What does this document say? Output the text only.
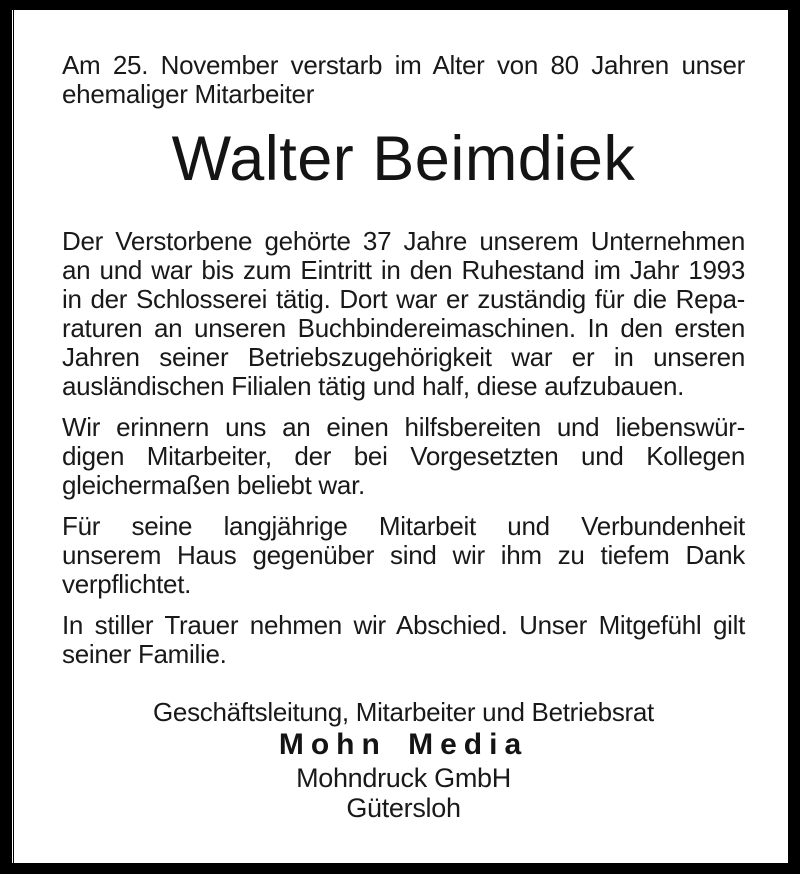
Am 25. November verstarb im Alter von 80 Jahren unser
ehemaliger Mitarbeiter
Walter Beimdiek
Der Verstorbene gehörte 37 Jahre unserem Unternehmen
an und war bis zum Eintritt in den Ruhestand im Jahr 1993
in der Schlosserei tätig. Dort war er zuständig für die Repa-
raturen an unseren Buchbindereimaschinen. In den ersten
Jahren seiner Betriebszugehörigkeit war er in unseren
ausländischen Filialen tätig und half, diese aufzubauen.
Wir erinnern uns an einen hilfsbereiten und liebenswür-
digen Mitarbeiter, der bei Vorgesetzten und Kollegen
gleichermaßen beliebt war.
Für seine langjährige Mitarbeit und Verbundenheit
unserem Haus gegenüber sind wir ihm zu tiefem Dank
verpflichtet.
In stiller Trauer nehmen wir Abschied. Unser Mitgefühl gilt
seiner Familie.
Geschäftsleitung, Mitarbeiter und Betriebsrat
Mohn Media
Mohndruck GmbH
Gütersloh
